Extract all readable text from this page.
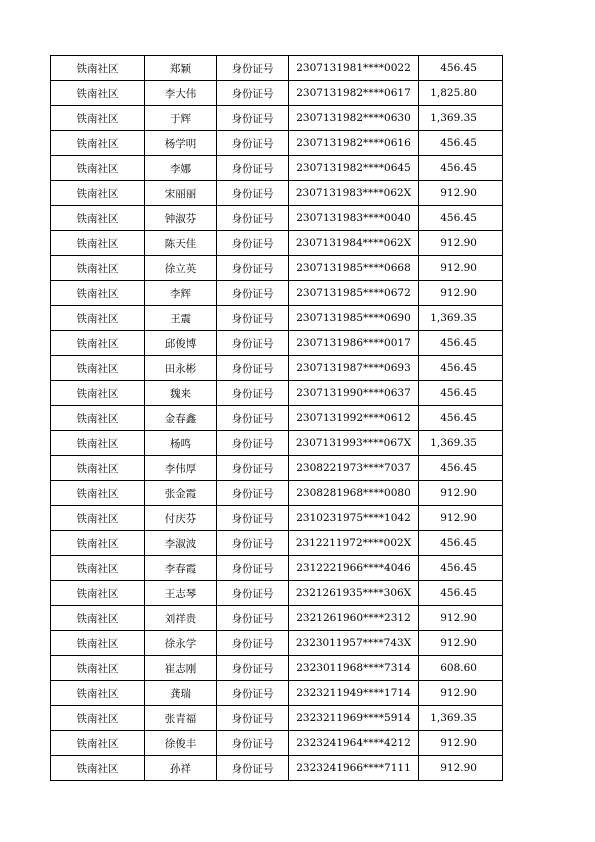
铁南社区	郑颖	身份证号	2307131981****0022	456.45
铁南社区	李大伟	身份证号	2307131982****0617	1,825.80
铁南社区	于辉	身份证号	2307131982****0630	1,369.35
铁南社区	杨学明	身份证号	2307131982****0616	456.45
铁南社区	李娜	身份证号	2307131982****0645	456.45
铁南社区	宋丽丽	身份证号	2307131983****062X	912.90
铁南社区	钟淑芬	身份证号	2307131983****0040	456.45
铁南社区	陈天佳	身份证号	2307131984****062X	912.90
铁南社区	徐立英	身份证号	2307131985****0668	912.90
铁南社区	李辉	身份证号	2307131985****0672	912.90
铁南社区	王震	身份证号	2307131985****0690	1,369.35
铁南社区	邱俊博	身份证号	2307131986****0017	456.45
铁南社区	田永彬	身份证号	2307131987****0693	456.45
铁南社区	魏来	身份证号	2307131990****0637	456.45
铁南社区	金春鑫	身份证号	2307131992****0612	456.45
铁南社区	杨鸣	身份证号	2307131993****067X	1,369.35
铁南社区	李伟厚	身份证号	2308221973****7037	456.45
铁南社区	张金霞	身份证号	2308281968****0080	912.90
铁南社区	付庆芬	身份证号	2310231975****1042	912.90
铁南社区	李淑波	身份证号	2312211972****002X	456.45
铁南社区	李春霞	身份证号	2312221966****4046	456.45
铁南社区	王志琴	身份证号	2321261935****306X	456.45
铁南社区	刘祥贵	身份证号	2321261960****2312	912.90
铁南社区	徐永学	身份证号	2323011957****743X	912.90
铁南社区	崔志刚	身份证号	2323011968****7314	608.60
铁南社区	龚瑞	身份证号	2323211949****1714	912.90
铁南社区	张青福	身份证号	2323211969****5914	1,369.35
铁南社区	徐俊丰	身份证号	2323241964****4212	912.90
铁南社区	孙祥	身份证号	2323241966****7111	912.90
